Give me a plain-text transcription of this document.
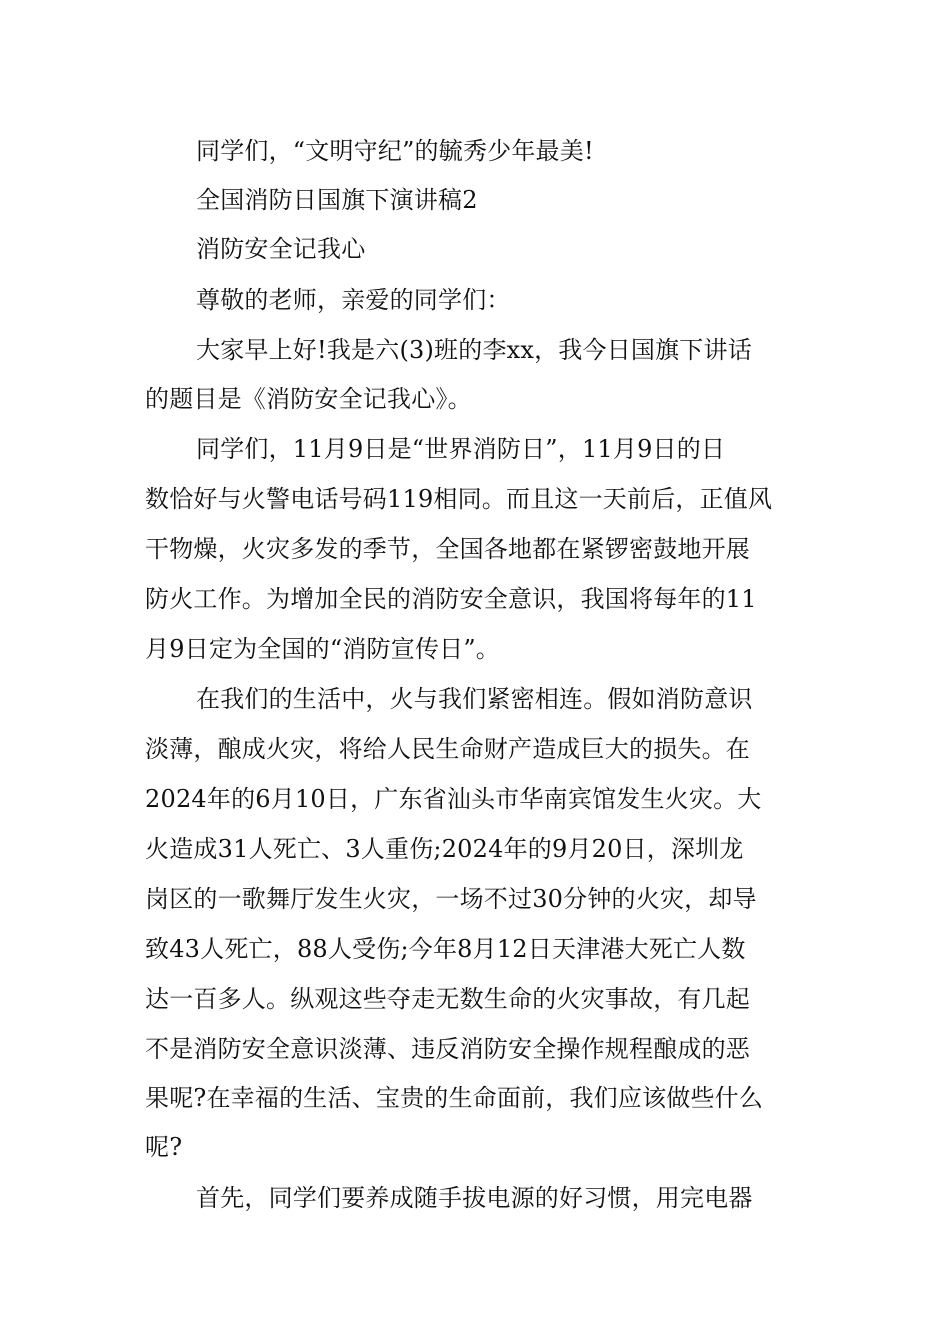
同学们，“文明守纪”的毓秀少年最美!
全国消防日国旗下演讲稿2
消防安全记我心
尊敬的老师，亲爱的同学们：
大家早上好!我是六(3)班的李xx，我今日国旗下讲话
的题目是《消防安全记我心》。
同学们，11月9日是“世界消防日”，11月9日的日
数恰好与火警电话号码119相同。而且这一天前后，正值风
干物燥，火灾多发的季节，全国各地都在紧锣密鼓地开展
防火工作。为增加全民的消防安全意识，我国将每年的11
月9日定为全国的“消防宣传日”。
在我们的生活中，火与我们紧密相连。假如消防意识
淡薄，酿成火灾，将给人民生命财产造成巨大的损失。在
2024年的6月10日，广东省汕头市华南宾馆发生火灾。大
火造成31人死亡、3人重伤;2024年的9月20日，深圳龙
岗区的一歌舞厅发生火灾，一场不过30分钟的火灾，却导
致43人死亡，88人受伤;今年8月12日天津港大死亡人数
达一百多人。纵观这些夺走无数生命的火灾事故，有几起
不是消防安全意识淡薄、违反消防安全操作规程酿成的恶
果呢?在幸福的生活、宝贵的生命面前，我们应该做些什么
呢?
首先，同学们要养成随手拔电源的好习惯，用完电器
